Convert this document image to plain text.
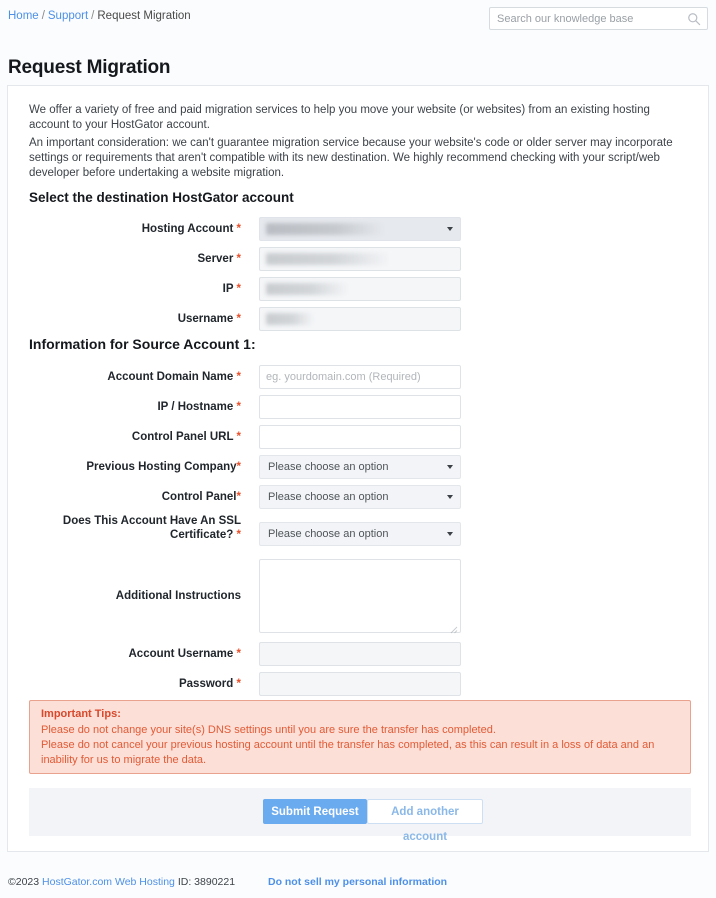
Home / Support / Request Migration
Search our knowledge base
Request Migration

We offer a variety of free and paid migration services to help you move your website (or websites) from an existing hosting account to your HostGator account.

An important consideration: we can't guarantee migration service because your website's code or older server may incorporate settings or requirements that aren't compatible with its new destination. We highly recommend checking with your script/web developer before undertaking a website migration.

Select the destination HostGator account
Hosting Account *
Server *
IP *
Username *
Information for Source Account 1:
Account Domain Name *
eg. yourdomain.com (Required)
IP / Hostname *
Control Panel URL *
Previous Hosting Company* Please choose an option
Control Panel* Please choose an option
Does This Account Have An SSL Certificate? * Please choose an option
Additional Instructions
Account Username *
Password *
Important Tips:
Please do not change your site(s) DNS settings until you are sure the transfer has completed.
Please do not cancel your previous hosting account until the transfer has completed, as this can result in a loss of data and an inability for us to migrate the data.
Submit Request	Add another account
©2023 HostGator.com Web Hosting ID: 3890221	Do not sell my personal information
